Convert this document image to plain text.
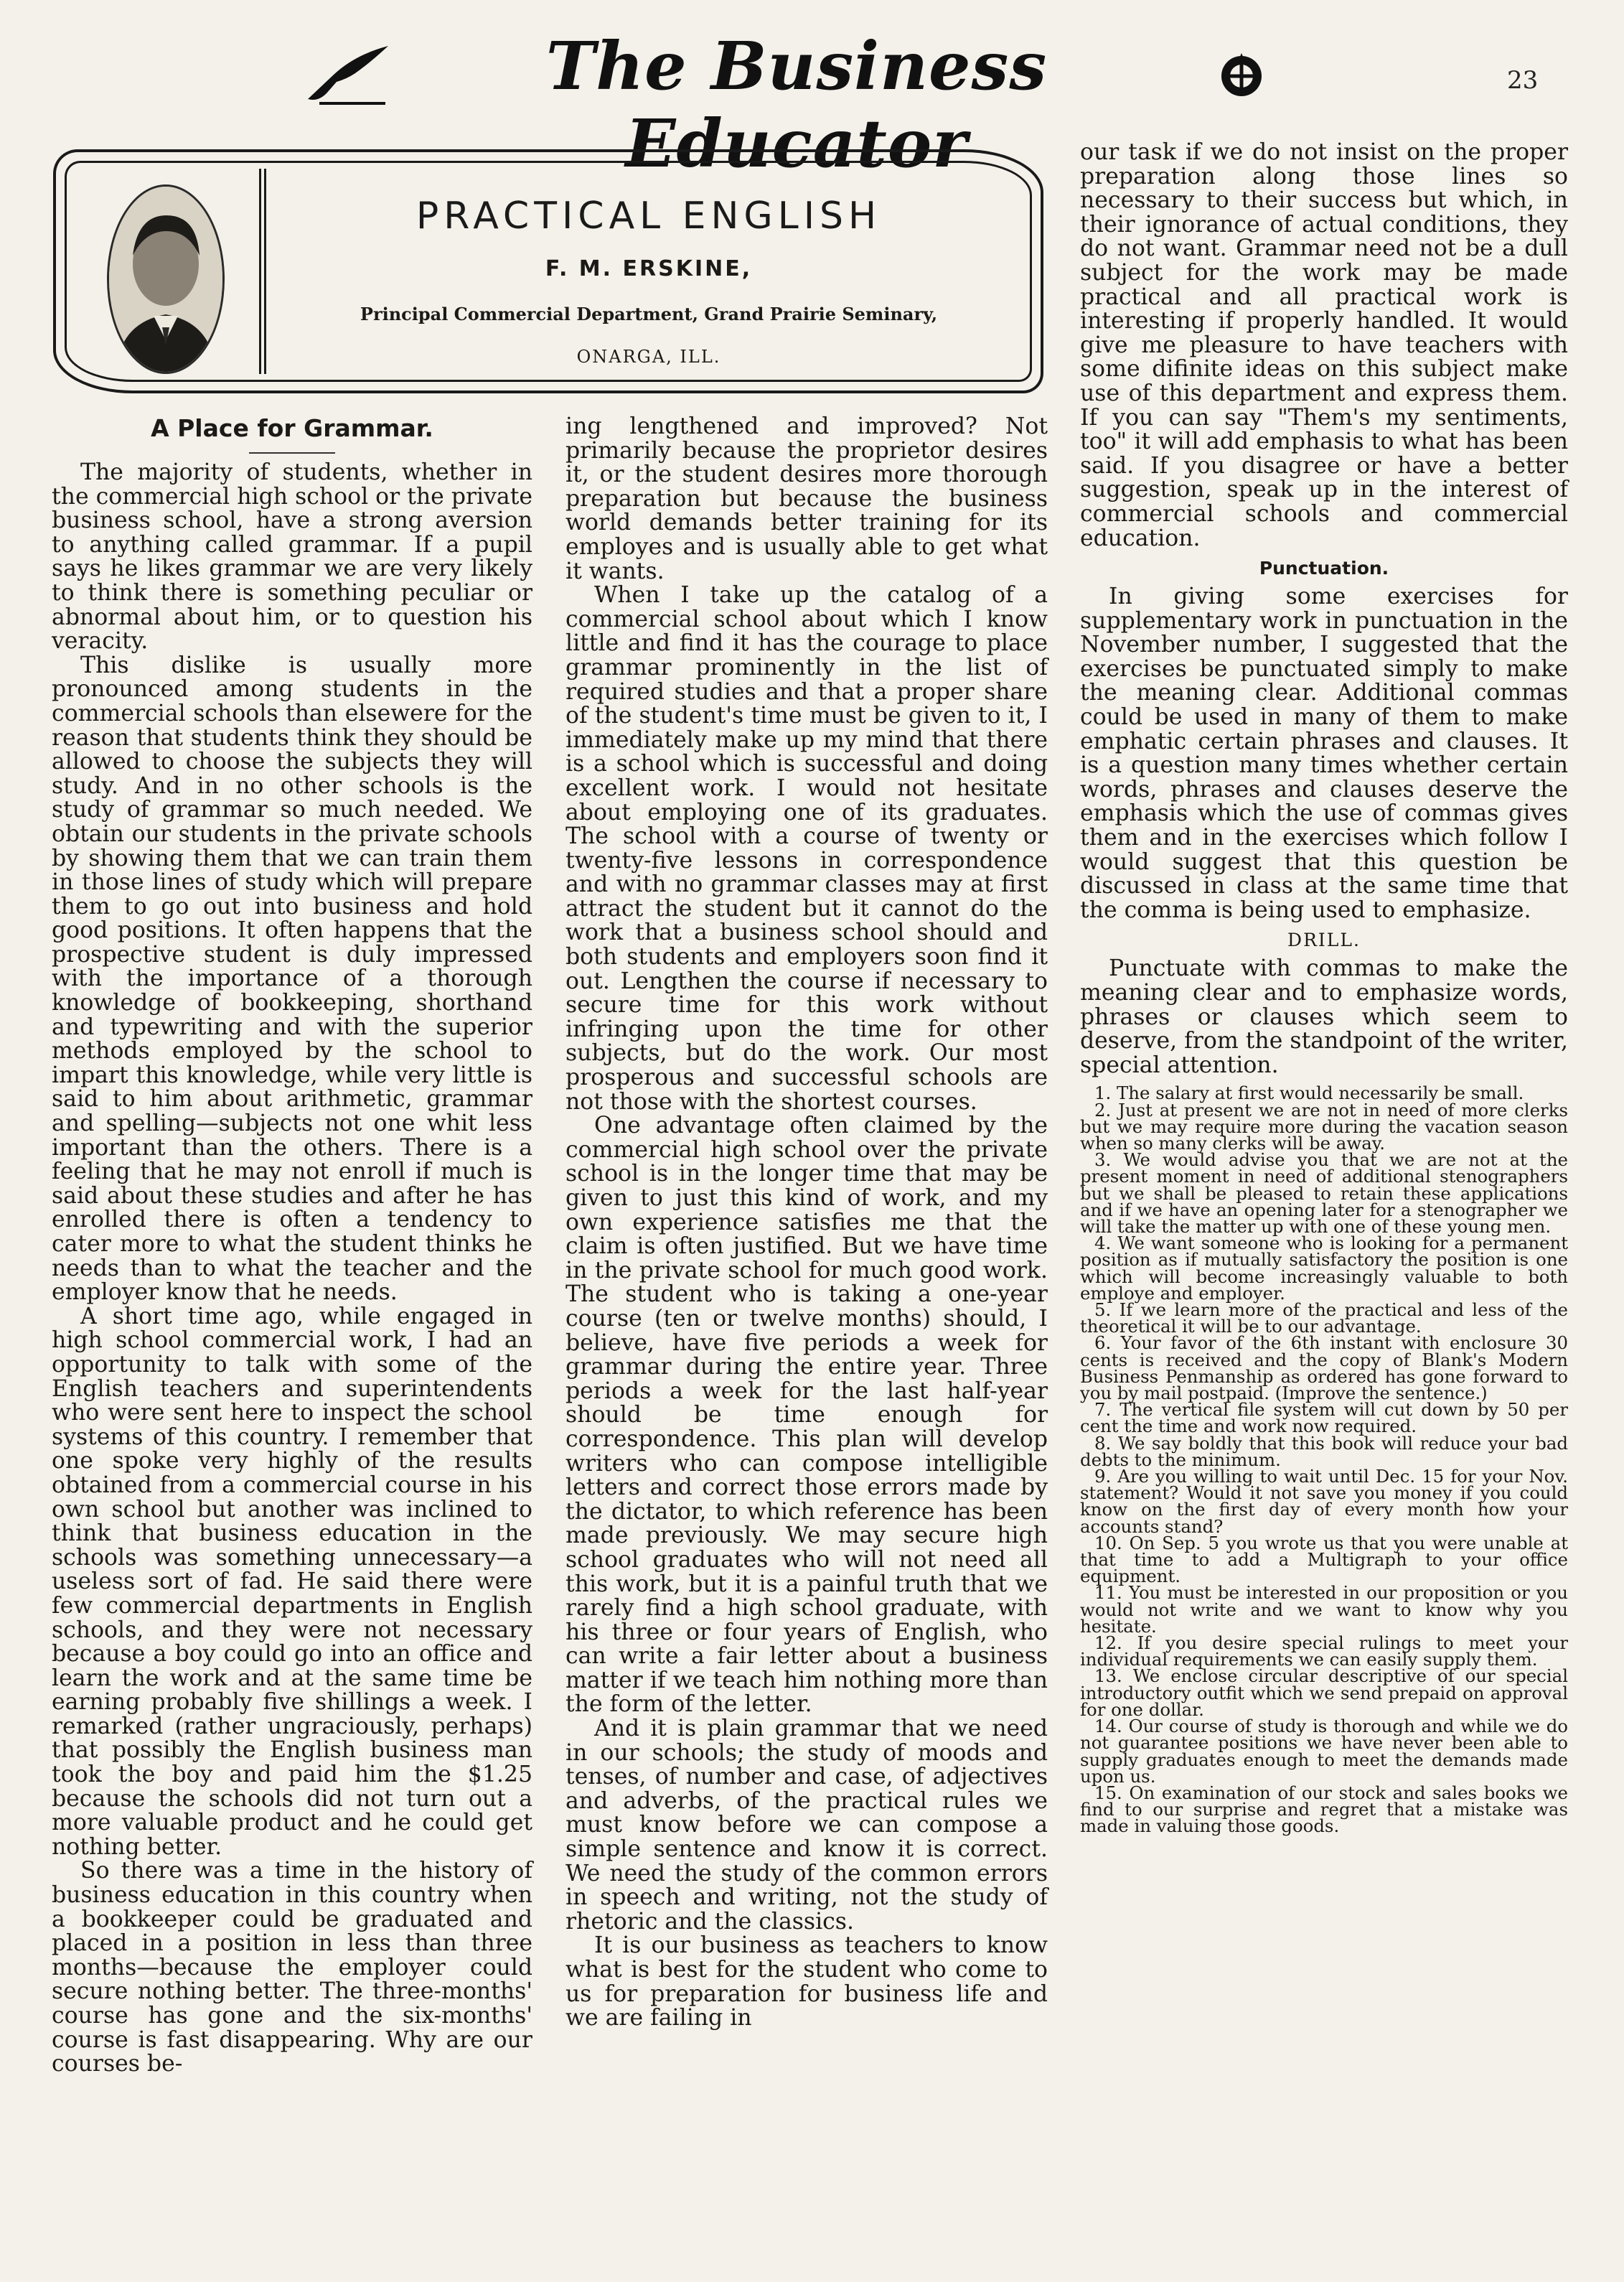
The Business Educator
23
PRACTICAL ENGLISH
F. M. ERSKINE,
Principal Commercial Department, Grand Prairie Seminary,
ONARGA, ILL.
A Place for Grammar.

The majority of students, whether in the commercial high school or the private business school, have a strong aversion to anything called grammar. If a pupil says he likes grammar we are very likely to think there is something peculiar or abnormal about him, or to question his veracity.

This dislike is usually more pronounced among students in the commercial schools than elsewere for the reason that students think they should be allowed to choose the subjects they will study. And in no other schools is the study of grammar so much needed. We obtain our students in the private schools by showing them that we can train them in those lines of study which will prepare them to go out into business and hold good positions. It often happens that the prospective student is duly impressed with the importance of a thorough knowledge of bookkeeping, shorthand and typewriting and with the superior methods employed by the school to impart this knowledge, while very little is said to him about arithmetic, grammar and spelling—subjects not one whit less important than the others. There is a feeling that he may not enroll if much is said about these studies and after he has enrolled there is often a tendency to cater more to what the student thinks he needs than to what the teacher and the employer know that he needs.

A short time ago, while engaged in high school commercial work, I had an opportunity to talk with some of the English teachers and superintendents who were sent here to inspect the school systems of this country. I remember that one spoke very highly of the results obtained from a commercial course in his own school but another was inclined to think that business education in the schools was something unnecessary—a useless sort of fad. He said there were few commercial departments in English schools, and they were not necessary because a boy could go into an office and learn the work and at the same time be earning probably five shillings a week. I remarked (rather ungraciously, perhaps) that possibly the English business man took the boy and paid him the $1.25 because the schools did not turn out a more valuable product and he could get nothing better.

So there was a time in the history of business education in this country when a bookkeeper could be graduated and placed in a position in less than three months—because the employer could secure nothing better. The three-months' course has gone and the six-months' course is fast disappearing. Why are our courses be-

ing lengthened and improved? Not primarily because the proprietor desires it, or the student desires more thorough preparation but because the business world demands better training for its employes and is usually able to get what it wants.

When I take up the catalog of a commercial school about which I know little and find it has the courage to place grammar prominently in the list of required studies and that a proper share of the student's time must be given to it, I immediately make up my mind that there is a school which is successful and doing excellent work. I would not hesitate about employing one of its graduates. The school with a course of twenty or twenty-five lessons in correspondence and with no grammar classes may at first attract the student but it cannot do the work that a business school should and both students and employers soon find it out. Lengthen the course if necessary to secure time for this work without infringing upon the time for other subjects, but do the work. Our most prosperous and successful schools are not those with the shortest courses.

One advantage often claimed by the commercial high school over the private school is in the longer time that may be given to just this kind of work, and my own experience satisfies me that the claim is often justified. But we have time in the private school for much good work. The student who is taking a one-year course (ten or twelve months) should, I believe, have five periods a week for grammar during the entire year. Three periods a week for the last half-year should be time enough for correspondence. This plan will develop writers who can compose intelligible letters and correct those errors made by the dictator, to which reference has been made previously. We may secure high school graduates who will not need all this work, but it is a painful truth that we rarely find a high school graduate, with his three or four years of English, who can write a fair letter about a business matter if we teach him nothing more than the form of the letter.

And it is plain grammar that we need in our schools; the study of moods and tenses, of number and case, of adjectives and adverbs, of the practical rules we must know before we can compose a simple sentence and know it is correct. We need the study of the common errors in speech and writing, not the study of rhetoric and the classics.

It is our business as teachers to know what is best for the student who come to us for preparation for business life and we are failing in

our task if we do not insist on the proper preparation along those lines so necessary to their success but which, in their ignorance of actual conditions, they do not want. Grammar need not be a dull subject for the work may be made practical and all practical work is interesting if properly handled. It would give me pleasure to have teachers with some difinite ideas on this subject make use of this department and express them. If you can say "Them's my sentiments, too" it will add emphasis to what has been said. If you disagree or have a better suggestion, speak up in the interest of commercial schools and commercial education.

Punctuation.

In giving some exercises for supplementary work in punctuation in the November number, I suggested that the exercises be punctuated simply to make the meaning clear. Additional commas could be used in many of them to make emphatic certain phrases and clauses. It is a question many times whether certain words, phrases and clauses deserve the emphasis which the use of commas gives them and in the exercises which follow I would suggest that this question be discussed in class at the same time that the comma is being used to emphasize.

DRILL.

Punctuate with commas to make the meaning clear and to emphasize words, phrases or clauses which seem to deserve, from the standpoint of the writer, special attention.

1. The salary at first would necessarily be small.

2. Just at present we are not in need of more clerks but we may require more during the vacation season when so many clerks will be away.

3. We would advise you that we are not at the present moment in need of additional stenographers but we shall be pleased to retain these applications and if we have an opening later for a stenographer we will take the matter up with one of these young men.

4. We want someone who is looking for a permanent position as if mutually satisfactory the position is one which will become increasingly valuable to both employe and employer.

5. If we learn more of the practical and less of the theoretical it will be to our advantage.

6. Your favor of the 6th instant with enclosure 30 cents is received and the copy of Blank's Modern Business Penmanship as ordered has gone forward to you by mail postpaid. (Improve the sentence.)

7. The vertical file system will cut down by 50 per cent the time and work now required.

8. We say boldly that this book will reduce your bad debts to the minimum.

9. Are you willing to wait until Dec. 15 for your Nov. statement? Would it not save you money if you could know on the first day of every month how your accounts stand?

10. On Sep. 5 you wrote us that you were unable at that time to add a Multigraph to your office equipment.

11. You must be interested in our proposition or you would not write and we want to know why you hesitate.

12. If you desire special rulings to meet your individual requirements we can easily supply them.

13. We enclose circular descriptive of our special introductory outfit which we send prepaid on approval for one dollar.

14. Our course of study is thorough and while we do not guarantee positions we have never been able to supply graduates enough to meet the demands made upon us.

15. On examination of our stock and sales books we find to our surprise and regret that a mistake was made in valuing those goods.
